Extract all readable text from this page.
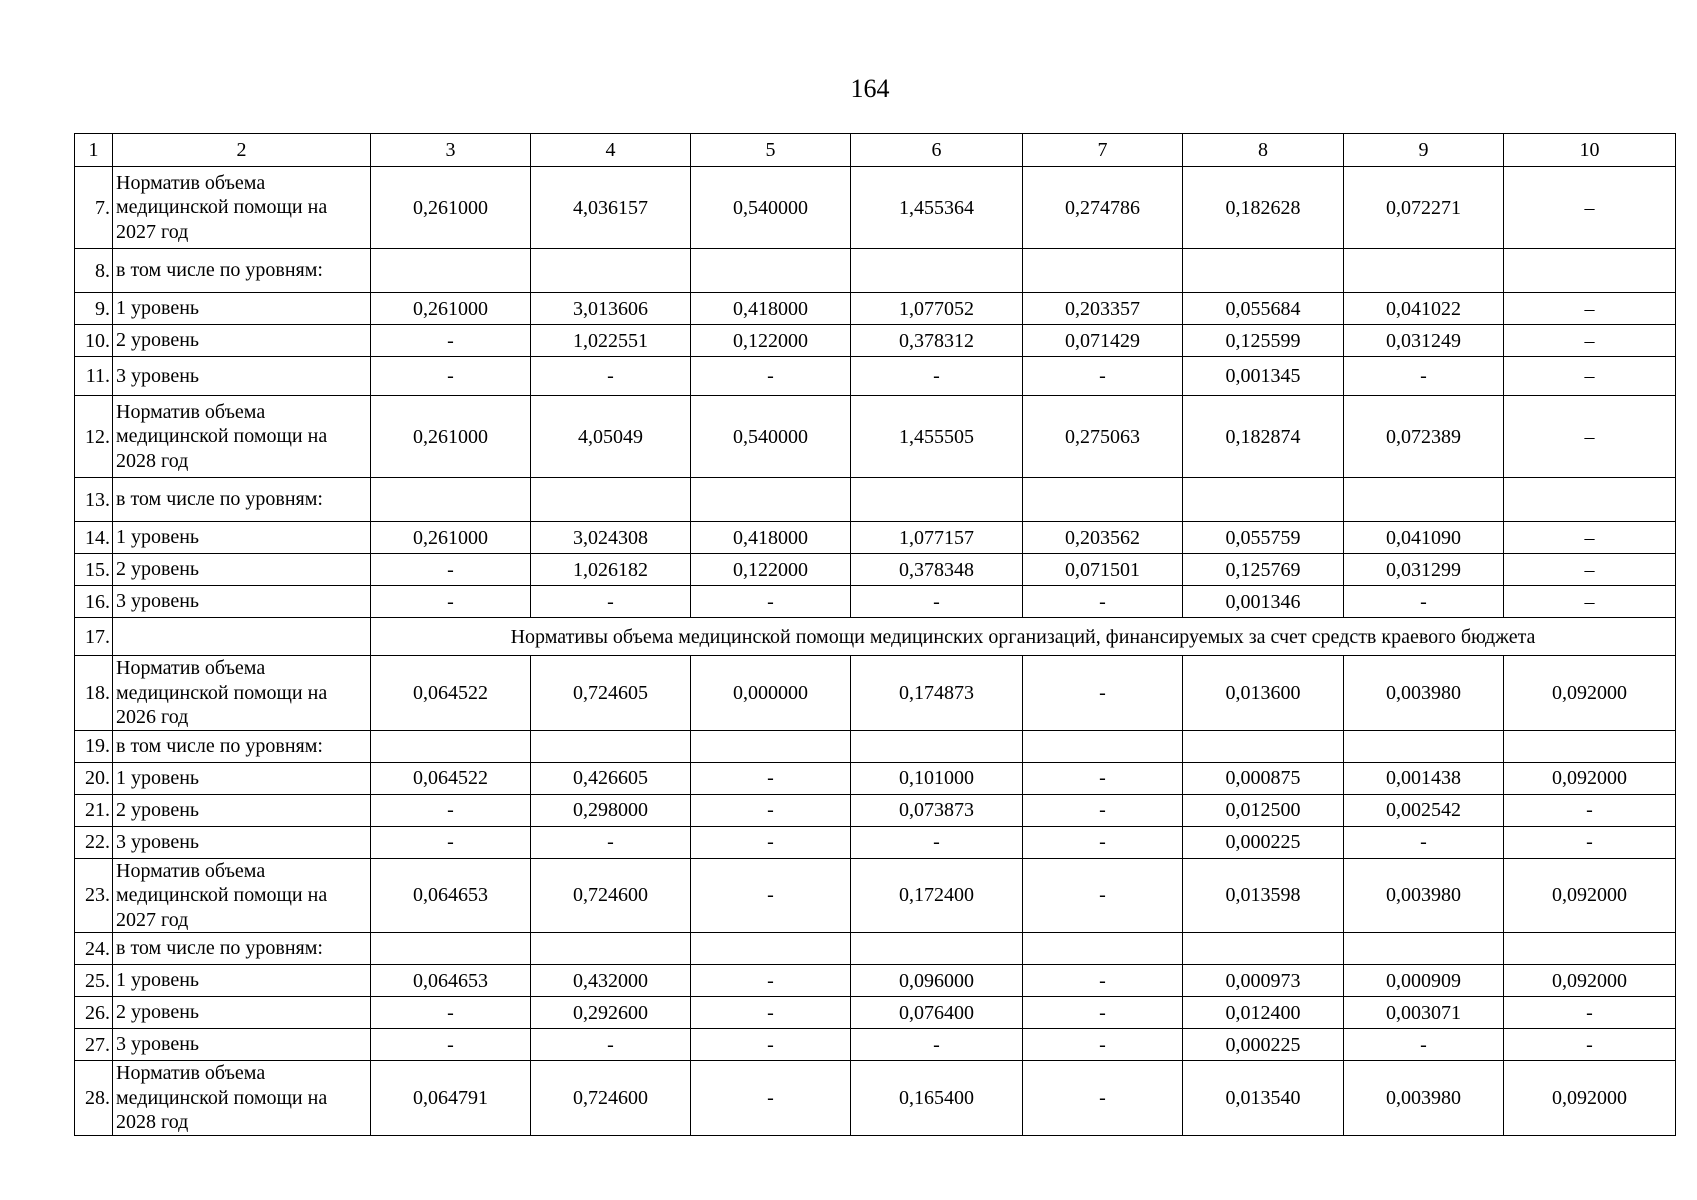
164
1	2	3	4	5	6	7	8	9	10
7.	Норматив объема медицинской помощи на 2027 год	0,261000	4,036157	0,540000	1,455364	0,274786	0,182628	0,072271	–
8.	в том числе по уровням:								
9.	1 уровень	0,261000	3,013606	0,418000	1,077052	0,203357	0,055684	0,041022	–
10.	2 уровень	-	1,022551	0,122000	0,378312	0,071429	0,125599	0,031249	–
11.	3 уровень	-	-	-	-	-	0,001345	-	–
12.	Норматив объема медицинской помощи на 2028 год	0,261000	4,05049	0,540000	1,455505	0,275063	0,182874	0,072389	–
13.	в том числе по уровням:								
14.	1 уровень	0,261000	3,024308	0,418000	1,077157	0,203562	0,055759	0,041090	–
15.	2 уровень	-	1,026182	0,122000	0,378348	0,071501	0,125769	0,031299	–
16.	3 уровень	-	-	-	-	-	0,001346	-	–
17.		Нормативы объема медицинской помощи медицинских организаций, финансируемых за счет средств краевого бюджета							
18.	Норматив объема медицинской помощи на 2026 год	0,064522	0,724605	0,000000	0,174873	-	0,013600	0,003980	0,092000
19.	в том числе по уровням:								
20.	1 уровень	0,064522	0,426605	-	0,101000	-	0,000875	0,001438	0,092000
21.	2 уровень	-	0,298000	-	0,073873	-	0,012500	0,002542	-
22.	3 уровень	-	-	-	-	-	0,000225	-	-
23.	Норматив объема медицинской помощи на 2027 год	0,064653	0,724600	-	0,172400	-	0,013598	0,003980	0,092000
24.	в том числе по уровням:								
25.	1 уровень	0,064653	0,432000	-	0,096000	-	0,000973	0,000909	0,092000
26.	2 уровень	-	0,292600	-	0,076400	-	0,012400	0,003071	-
27.	3 уровень	-	-	-	-	-	0,000225	-	-
28.	Норматив объема медицинской помощи на 2028 год	0,064791	0,724600	-	0,165400	-	0,013540	0,003980	0,092000
